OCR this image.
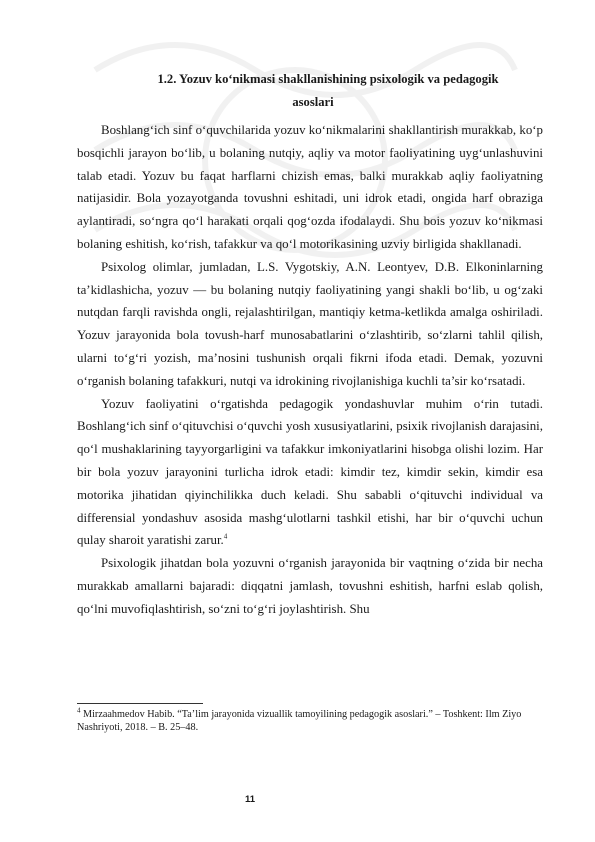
1.2. Yozuv ko‘nikmasi shakllanishining psixologik va pedagogik
asoslari

Boshlang‘ich sinf o‘quvchilarida yozuv ko‘nikmalarini shakllantirish murakkab, ko‘p bosqichli jarayon bo‘lib, u bolaning nutqiy, aqliy va motor faoliyatining uyg‘unlashuvini talab etadi. Yozuv bu faqat harflarni chizish emas, balki murakkab aqliy faoliyatning natijasidir. Bola yozayotganda tovushni eshitadi, uni idrok etadi, ongida harf obraziga aylantiradi, so‘ngra qo‘l harakati orqali qog‘ozda ifodalaydi. Shu bois yozuv ko‘nikmasi bolaning eshitish, ko‘rish, tafakkur va qo‘l motorikasining uzviy birligida shakllanadi.

Psixolog olimlar, jumladan, L.S. Vygotskiy, A.N. Leontyev, D.B. Elkoninlarning ta’kidlashicha, yozuv — bu bolaning nutqiy faoliyatining yangi shakli bo‘lib, u og‘zaki nutqdan farqli ravishda ongli, rejalashtirilgan, mantiqiy ketma-ketlikda amalga oshiriladi. Yozuv jarayonida bola tovush-harf munosabatlarini o‘zlashtirib, so‘zlarni tahlil qilish, ularni to‘g‘ri yozish, ma’nosini tushunish orqali fikrni ifoda etadi. Demak, yozuvni o‘rganish bolaning tafakkuri, nutqi va idrokining rivojlanishiga kuchli ta’sir ko‘rsatadi.

Yozuv faoliyatini o‘rgatishda pedagogik yondashuvlar muhim o‘rin tutadi. Boshlang‘ich sinf o‘qituvchisi o‘quvchi yosh xususiyatlarini, psixik rivojlanish darajasini, qo‘l mushaklarining tayyorgarligini va tafakkur imkoniyatlarini hisobga olishi lozim. Har bir bola yozuv jarayonini turlicha idrok etadi: kimdir tez, kimdir sekin, kimdir esa motorika jihatidan qiyinchilikka duch keladi. Shu sababli o‘qituvchi individual va differensial yondashuv asosida mashg‘ulotlarni tashkil etishi, har bir o‘quvchi uchun qulay sharoit yaratishi zarur.$^4$

Psixologik jihatdan bola yozuvni o‘rganish jarayonida bir vaqtning o‘zida bir necha murakkab amallarni bajaradi: diqqatni jamlash, tovushni eshitish, harfni eslab qolish, qo‘lni muvofiqlashtirish, so‘zni to‘g‘ri joylashtirish. Shu

$^4$ Mirzaahmedov Habib. “Ta’lim jarayonida vizuallik tamoyilining pedagogik asoslari.” – Toshkent: Ilm Ziyo Nashriyoti, 2018. – B. 25–48.
11
